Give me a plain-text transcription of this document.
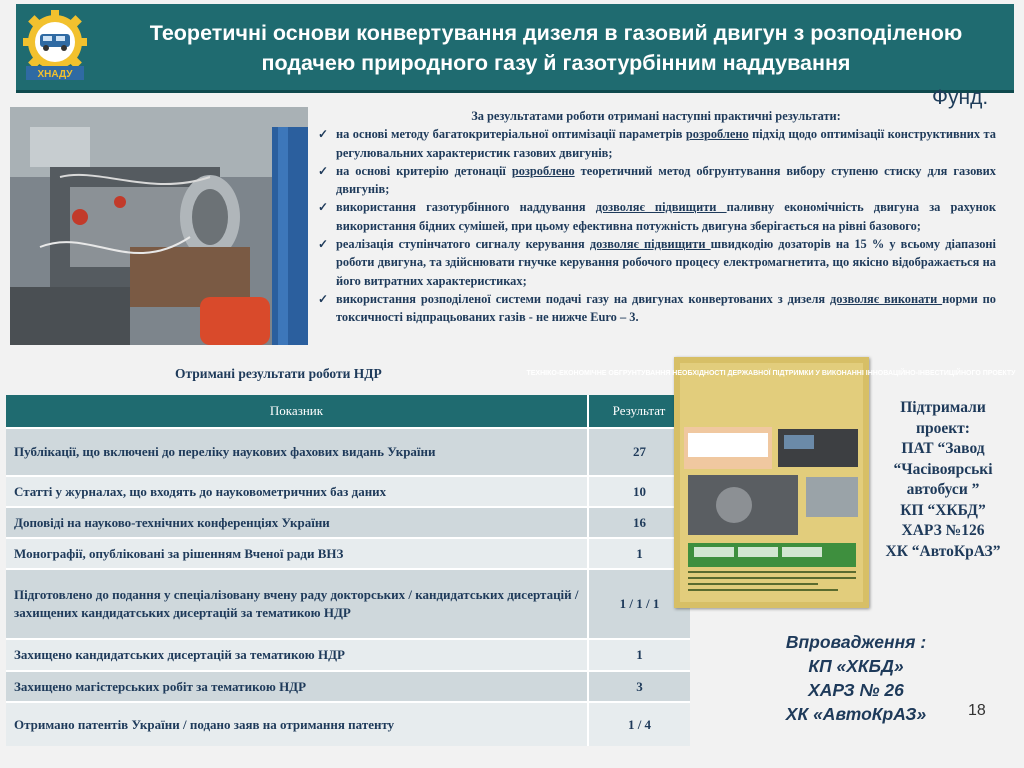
ХНАДУ
Теоретичні основи конвертування дизеля в газовий двигун з розподіленою подачею природного газу й газотурбінним наддування
Фунд.
За результатами роботи отримані наступні практичні результати:
✓ на основі методу багатокритеріальної оптимізації параметрів розроблено підхід щодо оптимізації конструктивних та регулювальних характеристик газових двигунів;
✓ на основі критерію детонації розроблено теоретичний метод обгрунтування вибору ступеню стиску для газових двигунів;
✓ використання газотурбінного наддування дозволяє підвищити паливну економічність двигуна за рахунок використання бідних сумішей, при цьому ефективна потужність двигуна зберігається на рівні базового;
✓ реалізація ступінчатого сигналу керування дозволяє підвищити швидкодію дозаторів на 15 % у всьому діапазоні роботи двигуна, та здійснювати гнучке керування робочого процесу електромагнетита, що якісно відображається на його витратних характеристиках;
✓ використання розподіленої системи подачі газу на двигунах конвертованих з дизеля дозволяє виконати норми по токсичності відпрацьованих газів - не нижче Euro – 3.
Отримані результати роботи НДР
Показник	Результат
Публікації, що включені до переліку наукових фахових видань України	27
Статті у журналах, що входять до науковометричних баз даних	10
Доповіді на науково-технічних конференціях України	16
Монографії, опубліковані за рішенням Вченої ради ВНЗ	1
Підготовлено до подання у спеціалізовану вчену раду докторських / кандидатських дисертацій / захищених кандидатських дисертацій за тематикою НДР	1 / 1 / 1
Захищено кандидатських дисертацій за тематикою НДР	1
Захищено магістерських робіт за тематикою НДР	3
Отримано патентів України / подано заяв на отримання патенту	1 / 4
ТЕХНІКО-ЕКОНОМІЧНЕ ОБГРУНТУВАННЯ НЕОБХІДНОСТІ ДЕРЖАВНОЇ ПІДТРИМКИ У ВИКОНАННІ ІННОВАЦІЙНО-ІНВЕСТИЦІЙНОГО ПРОЕКТУ
Підтримали
проект:
ПАТ “Завод
“Часівоярські
автобуси ”
КП “ХКБД”
ХАРЗ №126
ХК “АвтоКрАЗ”
Впровадження :
КП «ХКБД»
ХАРЗ № 26
ХК «АвтоКрАЗ»	18
